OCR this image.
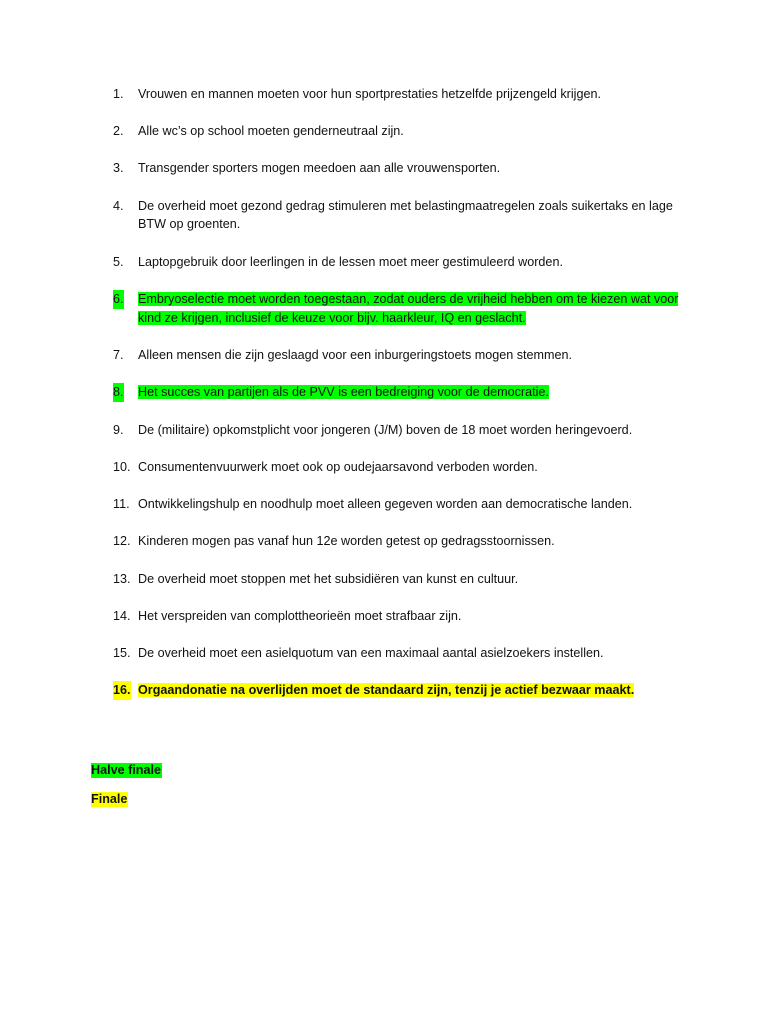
1. Vrouwen en mannen moeten voor hun sportprestaties hetzelfde prijzengeld krijgen.
2. Alle wc’s op school moeten genderneutraal zijn.
3. Transgender sporters mogen meedoen aan alle vrouwensporten.
4. De overheid moet gezond gedrag stimuleren met belastingmaatregelen zoals suikertaks en lage BTW op groenten.
5. Laptopgebruik door leerlingen in de lessen moet meer gestimuleerd worden.
6. Embryoselectie moet worden toegestaan, zodat ouders de vrijheid hebben om te kiezen wat voor kind ze krijgen, inclusief de keuze voor bijv. haarkleur, IQ en geslacht.
7. Alleen mensen die zijn geslaagd voor een inburgeringstoets mogen stemmen.
8. Het succes van partijen als de PVV is een bedreiging voor de democratie.
9. De (militaire) opkomstplicht voor jongeren (J/M) boven de 18 moet worden heringevoerd.
10. Consumentenvuurwerk moet ook op oudejaarsavond verboden worden.
11. Ontwikkelingshulp en noodhulp moet alleen gegeven worden aan democratische landen.
12. Kinderen mogen pas vanaf hun 12e worden getest op gedragsstoornissen.
13. De overheid moet stoppen met het subsidiëren van kunst en cultuur.
14. Het verspreiden van complottheorieën moet strafbaar zijn.
15. De overheid moet een asielquotum van een maximaal aantal asielzoekers instellen.
16. Orgaandonatie na overlijden moet de standaard zijn, tenzij je actief bezwaar maakt.
Halve finale
Finale
